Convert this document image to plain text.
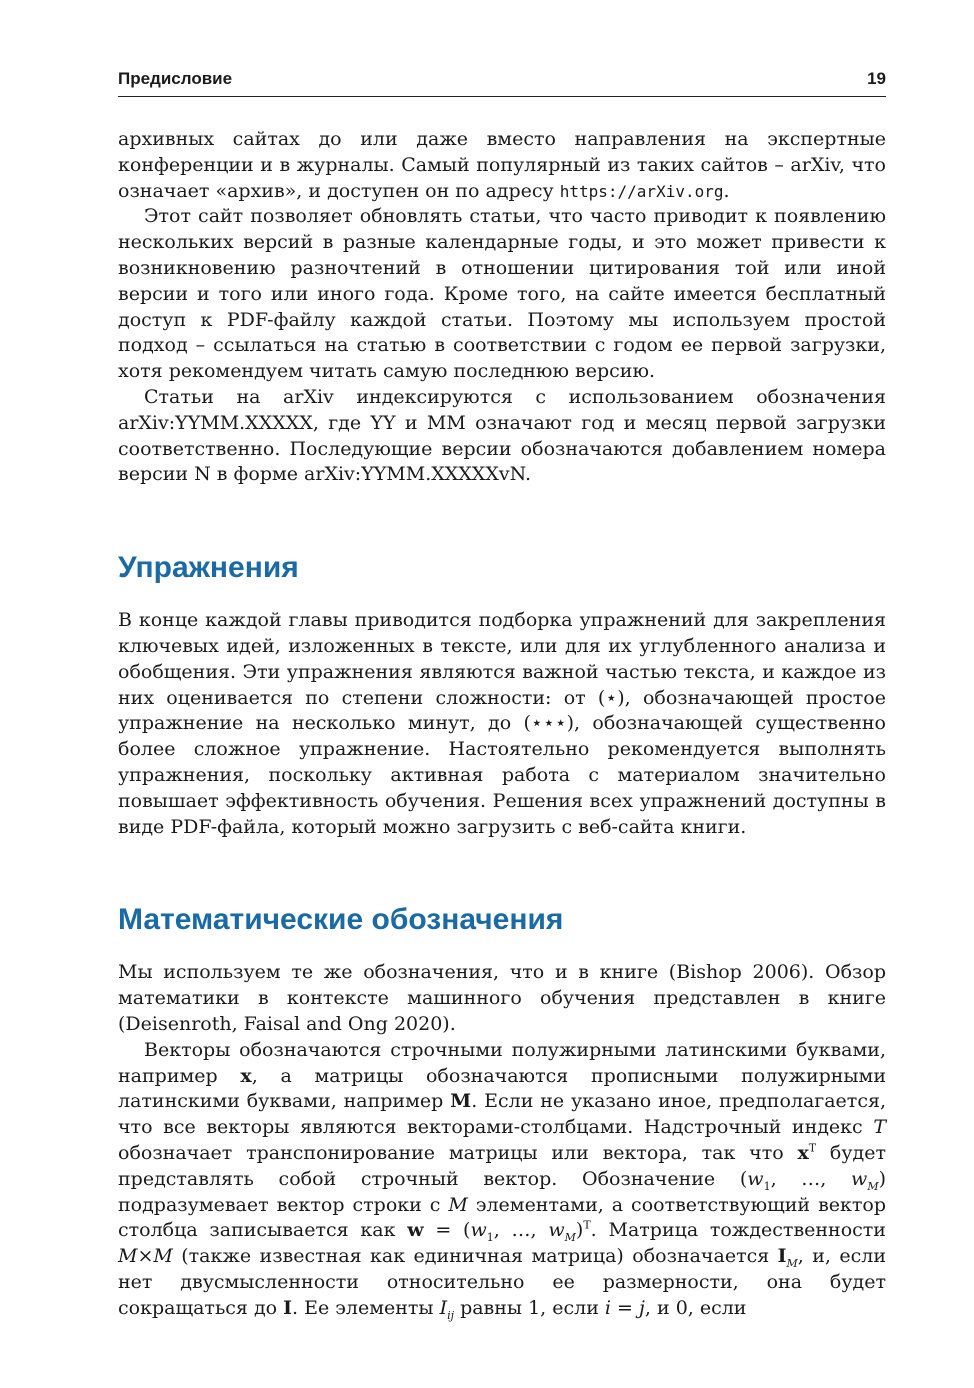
Предисловие	19

архивных сайтах до или даже вместо направления на экспертные конференции и в журналы. Самый популярный из таких сайтов – arXiv, что означает «архив», и доступен он по адресу https://arXiv.org.

Этот сайт позволяет обновлять статьи, что часто приводит к появлению нескольких версий в разные календарные годы, и это может привести к возникновению разночтений в отношении цитирования той или иной версии и того или иного года. Кроме того, на сайте имеется бесплатный доступ к PDF-файлу каждой статьи. Поэтому мы используем простой подход – ссылаться на статью в соответствии с годом ее первой загрузки, хотя рекомендуем читать самую последнюю версию.

Статьи на arXiv индексируются с использованием обозначения arXiv:YYMM.XXXXX, где YY и MM означают год и месяц первой загрузки соответственно. Последующие версии обозначаются добавлением номера версии N в форме arXiv:YYMM.XXXXXvN.

Упражнения

В конце каждой главы приводится подборка упражнений для закрепления ключевых идей, изложенных в тексте, или для их углубленного анализа и обобщения. Эти упражнения являются важной частью текста, и каждое из них оценивается по степени сложности: от (⋆), обозначающей простое упражнение на несколько минут, до (⋆⋆⋆), обозначающей существенно более сложное упражнение. Настоятельно рекомендуется выполнять упражнения, поскольку активная работа с материалом значительно повышает эффективность обучения. Решения всех упражнений доступны в виде PDF-файла, который можно загрузить с веб-сайта книги.

Математические обозначения

Мы используем те же обозначения, что и в книге (Bishop 2006). Обзор математики в контексте машинного обучения представлен в книге (Deisenroth, Faisal and Ong 2020).

Векторы обозначаются строчными полужирными латинскими буквами, например x, а матрицы обозначаются прописными полужирными латинскими буквами, например M. Если не указано иное, предполагается, что все векторы являются векторами-столбцами. Надстрочный индекс T обозначает транспонирование матрицы или вектора, так что $x^T$ будет представлять собой строчный вектор. Обозначение ($w_1$, …, $w_M$) подразумевает вектор строки с M элементами, а соответствующий вектор столбца записывается как $w = (w_1$, …, $w_M)^T$. Матрица тождественности M×M (также известная как единичная матрица) обозначается $I_M$, и, если нет двусмысленности относительно ее размерности, она будет сокращаться до I. Ее элементы $I_{ij}$ равны 1, если i = j, и 0, если
